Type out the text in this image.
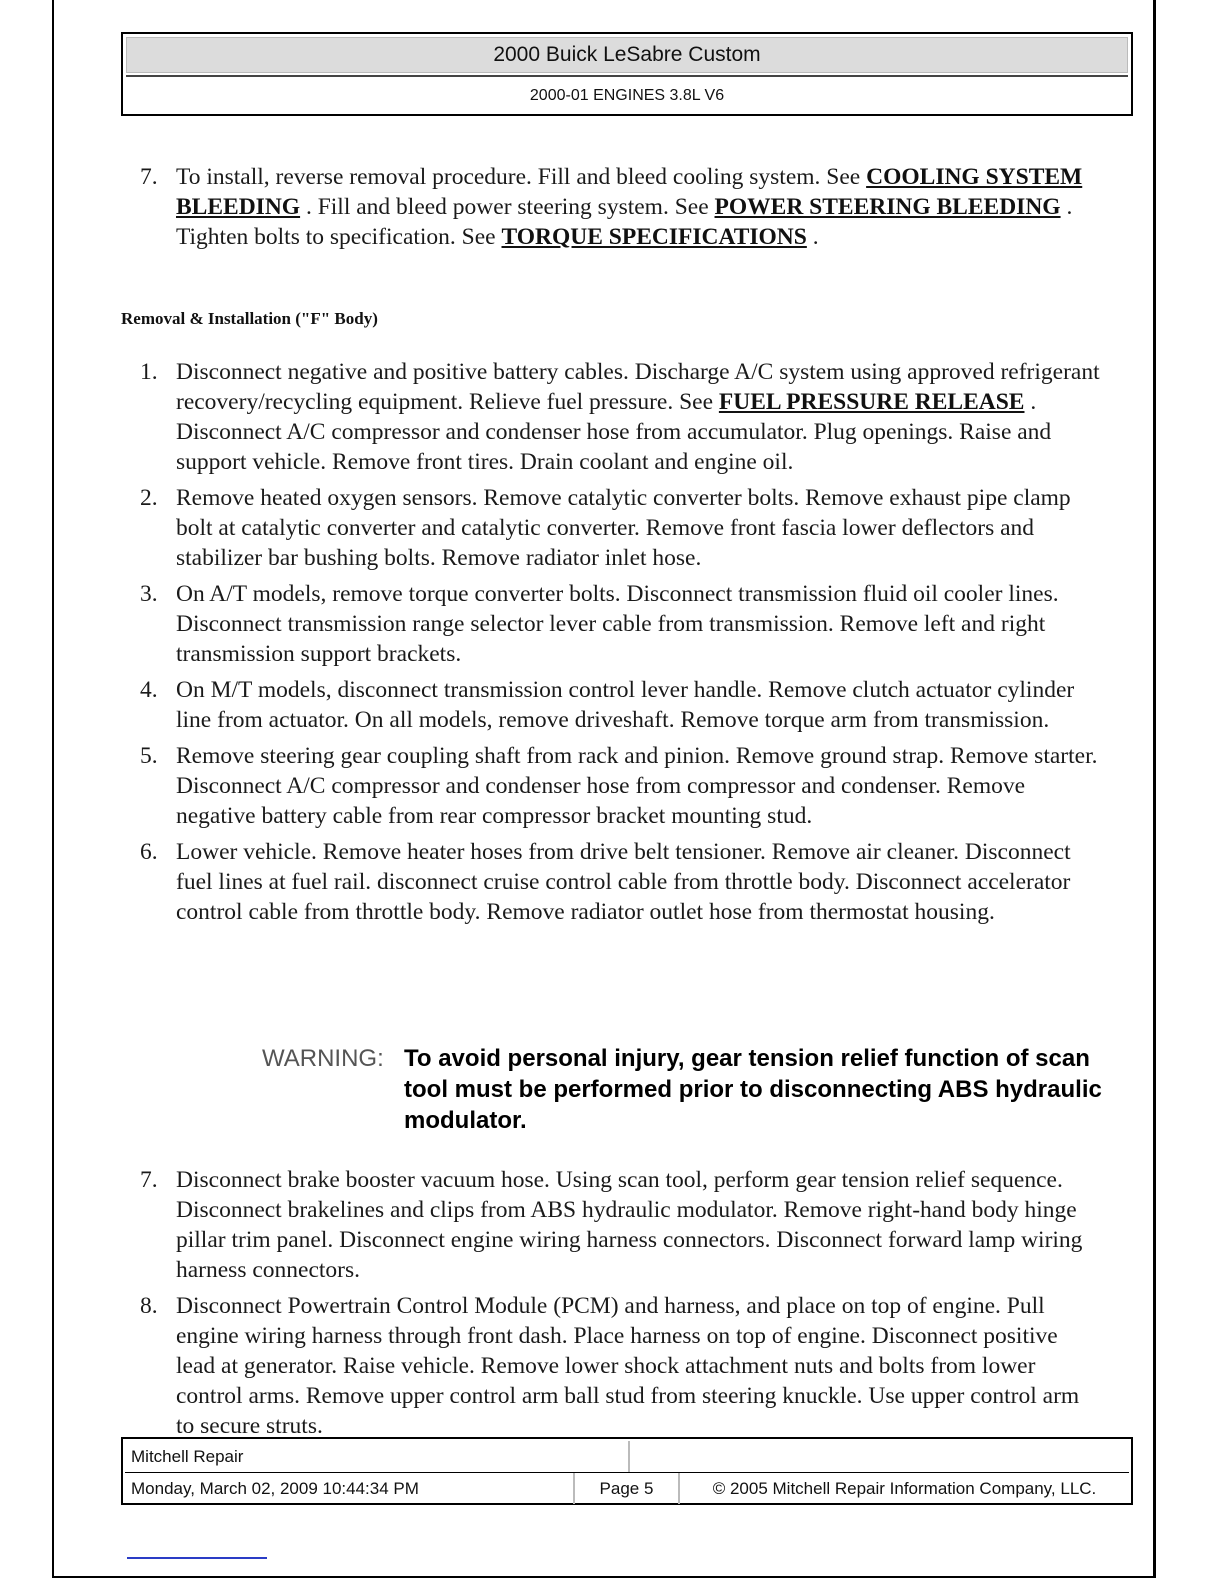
2000 Buick LeSabre Custom
2000-01 ENGINES 3.8L V6
7. To install, reverse removal procedure. Fill and bleed cooling system. See COOLING SYSTEM BLEEDING . Fill and bleed power steering system. See POWER STEERING BLEEDING . Tighten bolts to specification. See TORQUE SPECIFICATIONS .
Removal & Installation ("F" Body)
1. Disconnect negative and positive battery cables. Discharge A/C system using approved refrigerant recovery/recycling equipment. Relieve fuel pressure. See FUEL PRESSURE RELEASE . Disconnect A/C compressor and condenser hose from accumulator. Plug openings. Raise and support vehicle. Remove front tires. Drain coolant and engine oil.
2. Remove heated oxygen sensors. Remove catalytic converter bolts. Remove exhaust pipe clamp bolt at catalytic converter and catalytic converter. Remove front fascia lower deflectors and stabilizer bar bushing bolts. Remove radiator inlet hose.
3. On A/T models, remove torque converter bolts. Disconnect transmission fluid oil cooler lines. Disconnect transmission range selector lever cable from transmission. Remove left and right transmission support brackets.
4. On M/T models, disconnect transmission control lever handle. Remove clutch actuator cylinder line from actuator. On all models, remove driveshaft. Remove torque arm from transmission.
5. Remove steering gear coupling shaft from rack and pinion. Remove ground strap. Remove starter. Disconnect A/C compressor and condenser hose from compressor and condenser. Remove negative battery cable from rear compressor bracket mounting stud.
6. Lower vehicle. Remove heater hoses from drive belt tensioner. Remove air cleaner. Disconnect fuel lines at fuel rail. disconnect cruise control cable from throttle body. Disconnect accelerator control cable from throttle body. Remove radiator outlet hose from thermostat housing.
WARNING: To avoid personal injury, gear tension relief function of scan tool must be performed prior to disconnecting ABS hydraulic modulator.
7. Disconnect brake booster vacuum hose. Using scan tool, perform gear tension relief sequence. Disconnect brakelines and clips from ABS hydraulic modulator. Remove right-hand body hinge pillar trim panel. Disconnect engine wiring harness connectors. Disconnect forward lamp wiring harness connectors.
8. Disconnect Powertrain Control Module (PCM) and harness, and place on top of engine. Pull engine wiring harness through front dash. Place harness on top of engine. Disconnect positive lead at generator. Raise vehicle. Remove lower shock attachment nuts and bolts from lower control arms. Remove upper control arm ball stud from steering knuckle. Use upper control arm to secure struts.
Mitchell Repair
Monday, March 02, 2009 10:44:34 PM	Page 5	© 2005 Mitchell Repair Information Company, LLC.
